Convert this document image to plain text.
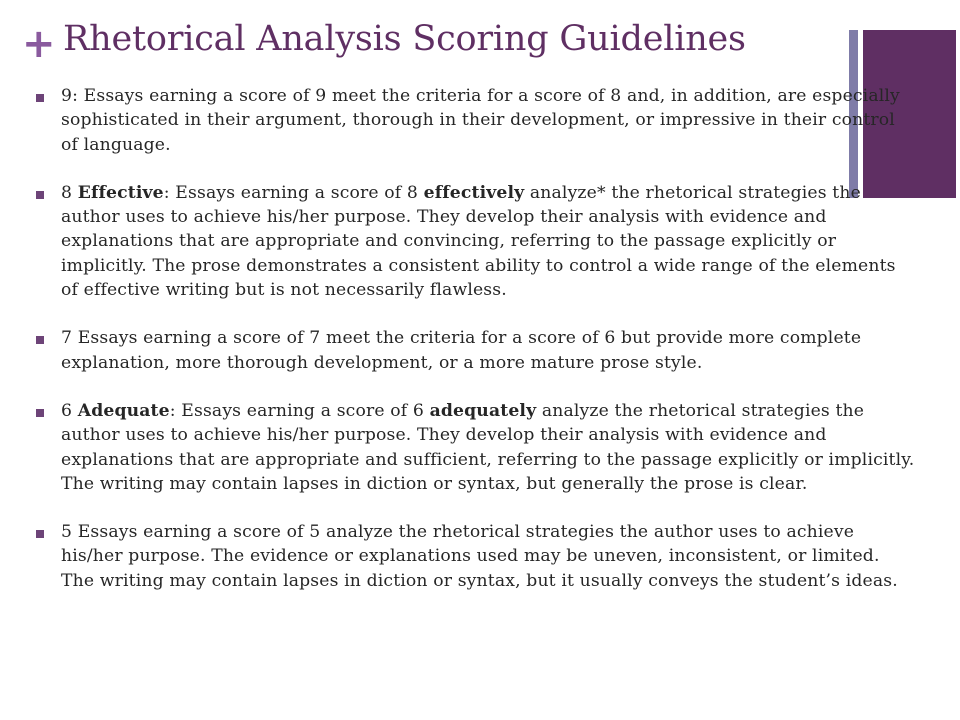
+ Rhetorical Analysis Scoring Guidelines
9: Essays earning a score of 9 meet the criteria for a score of 8 and, in addition, are especially sophisticated in their argument, thorough in their development, or impressive in their control of language.
8 Effective: Essays earning a score of 8 effectively analyze* the rhetorical strategies the author uses to achieve his/her purpose. They develop their analysis with evidence and explanations that are appropriate and convincing, referring to the passage explicitly or implicitly. The prose demonstrates a consistent ability to control a wide range of the elements of effective writing but is not necessarily flawless.
7 Essays earning a score of 7 meet the criteria for a score of 6 but provide more complete explanation, more thorough development, or a more mature prose style.
6 Adequate: Essays earning a score of 6 adequately analyze the rhetorical strategies the author uses to achieve his/her purpose. They develop their analysis with evidence and explanations that are appropriate and sufficient, referring to the passage explicitly or implicitly. The writing may contain lapses in diction or syntax, but generally the prose is clear.
5 Essays earning a score of 5 analyze the rhetorical strategies the author uses to achieve his/her purpose. The evidence or explanations used may be uneven, inconsistent, or limited. The writing may contain lapses in diction or syntax, but it usually conveys the student’s ideas.
